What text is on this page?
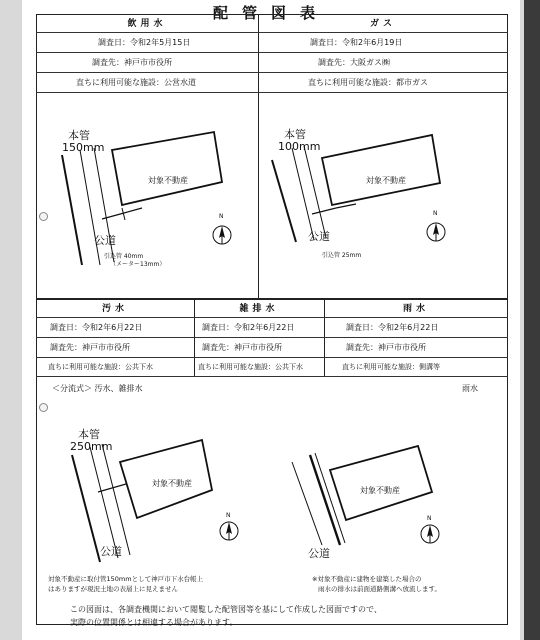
配管図表
飲用水
調査日：令和2年5月15日
調査先：神戸市市役所
直ちに利用可能な施設：公営水道
ガス
調査日：令和2年6月19日
調査先：大阪ガス㈱
直ちに利用可能な施設：都市ガス
本管
150mm
対象不動産
公道
引込管 40mm
（メーター13mm）
N
本管
100mm
対象不動産
公道
引込管 25mm
N
汚水
調査日：令和2年6月22日
調査先：神戸市市役所
直ちに利用可能な施設：公共下水
雑排水
調査日：令和2年6月22日
調査先：神戸市市役所
直ちに利用可能な施設：公共下水
雨水
調査日：令和2年6月22日
調査先：神戸市市役所
直ちに利用可能な施設：側溝等
＜分流式＞ 汚水、雑排水	雨水
本管
250mm
対象不動産
公道
N
対象不動産
公道
N
対象不動産に取付管150mmとして神戸市下水台帳上
はありますが現況土地の表層上に見えません
※対象不動産に建物を建築した場合の
雨水の排水は前面道路側溝へ放流します。
この図面は、各調査機関において閲覧した配管図等を基にして作成した図面ですので、
実際の位置関係とは相違する場合があります。
